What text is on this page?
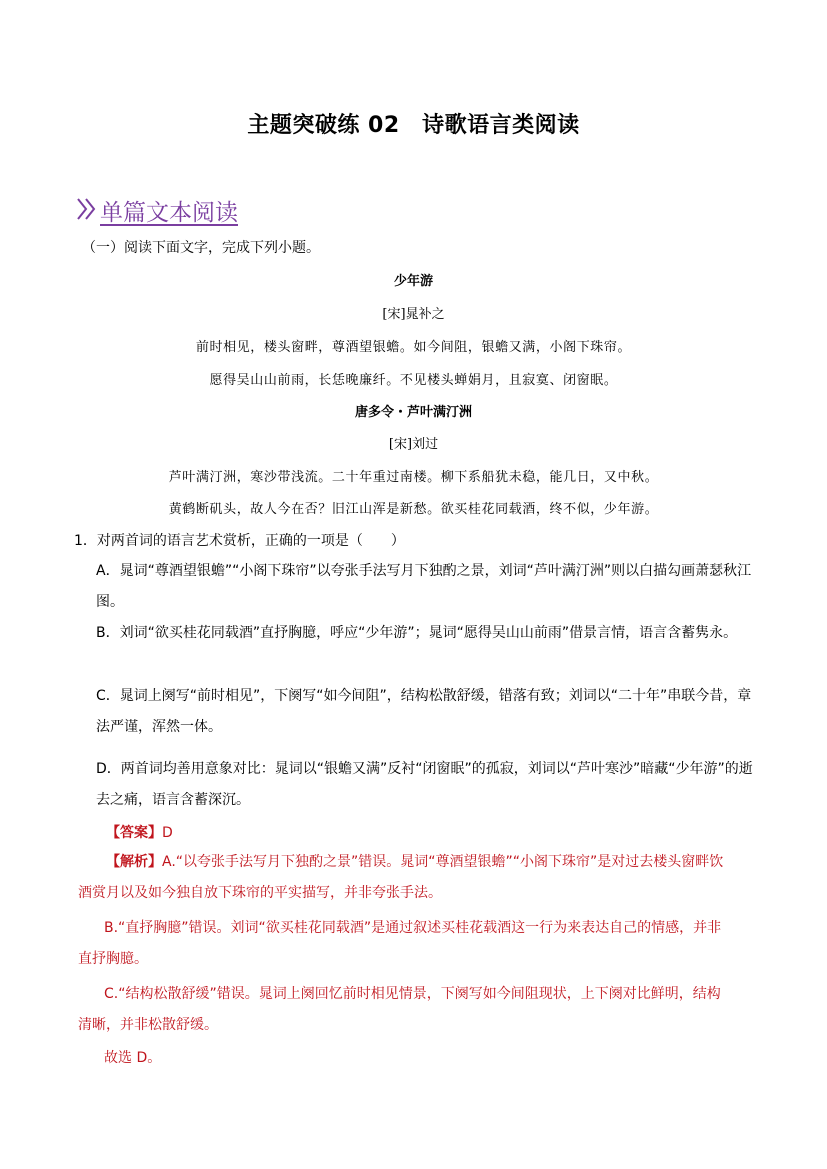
主题突破练 02　诗歌语言类阅读
单篇文本阅读
（一）阅读下面文字，完成下列小题。
少年游
[宋]晁补之
前时相见，楼头窗畔，尊酒望银蟾。如今间阻，银蟾又满，小阁下珠帘。
愿得吴山山前雨，长恁晚廉纤。不见楼头蝉娟月，且寂寞、闭窗眠。
唐多令・芦叶满汀洲
[宋]刘过
芦叶满汀洲，寒沙带浅流。二十年重过南楼。柳下系船犹未稳，能几日，又中秋。
黄鹤断矶头，故人今在否？旧江山浑是新愁。欲买桂花同载酒，终不似，少年游。
1．对两首词的语言艺术赏析，正确的一项是（　　）
A．晁词“尊酒望银蟾”“小阁下珠帘”以夸张手法写月下独酌之景，刘词“芦叶满汀洲”则以白描勾画萧瑟秋江图。
B．刘词“欲买桂花同载酒”直抒胸臆，呼应“少年游”；晁词“愿得吴山山前雨”借景言情，语言含蓄隽永。
C．晁词上阕写“前时相见”，下阕写“如今间阻”，结构松散舒缓，错落有致；刘词以“二十年”串联今昔，章法严谨，浑然一体。
D．两首词均善用意象对比：晁词以“银蟾又满”反衬“闭窗眠”的孤寂，刘词以“芦叶寒沙”暗藏“少年游”的逝去之痛，语言含蓄深沉。
【答案】D
【解析】A.“以夸张手法写月下独酌之景”错误。晁词“尊酒望银蟾”“小阁下珠帘”是对过去楼头窗畔饮酒赏月以及如今独自放下珠帘的平实描写，并非夸张手法。
B.“直抒胸臆”错误。刘词“欲买桂花同载酒”是通过叙述买桂花载酒这一行为来表达自己的情感，并非直抒胸臆。
C.“结构松散舒缓”错误。晁词上阕回忆前时相见情景，下阕写如今间阻现状，上下阕对比鲜明，结构清晰，并非松散舒缓。
故选 D。
